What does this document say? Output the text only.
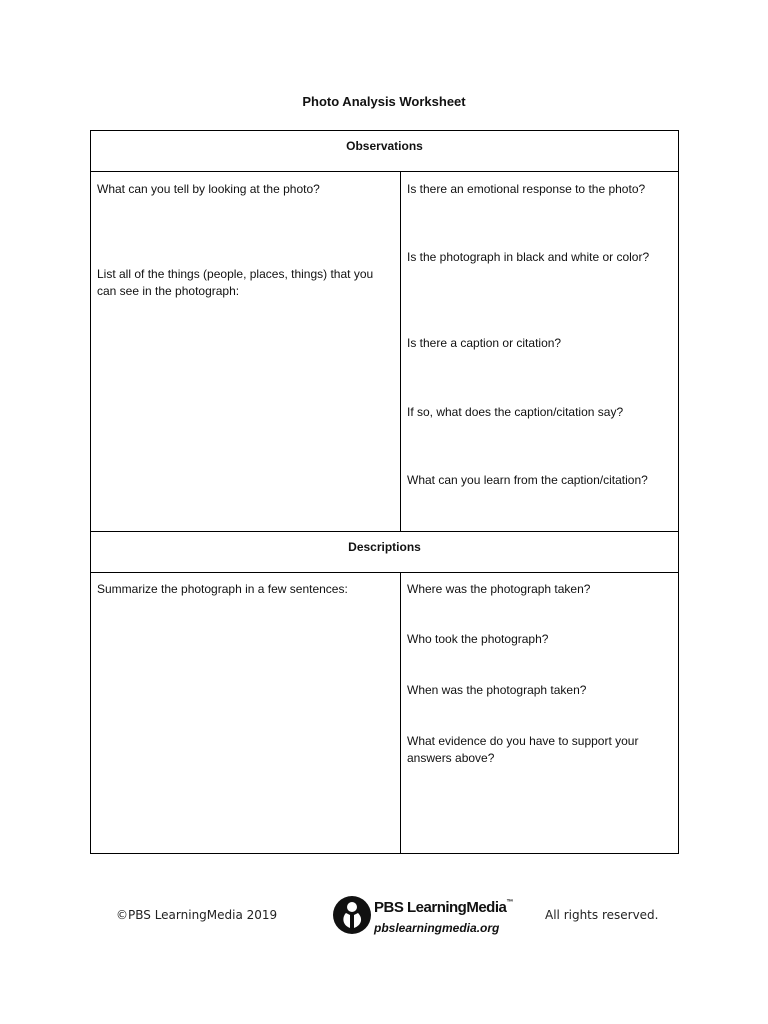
Photo Analysis Worksheet
Observations

What can you tell by looking at the photo?

List all of the things (people, places, things) that you can see in the photograph:

Is there an emotional response to the photo?

Is the photograph in black and white or color?

Is there a caption or citation?

If so, what does the caption/citation say?

What can you learn from the caption/citation?

Descriptions

Summarize the photograph in a few sentences:	Where was the photograph taken?

Who took the photograph?

When was the photograph taken?

What evidence do you have to support your answers above?

©PBS LearningMedia 2019	PBS LearningMedia™
pbslearningmedia.org
All rights reserved.
